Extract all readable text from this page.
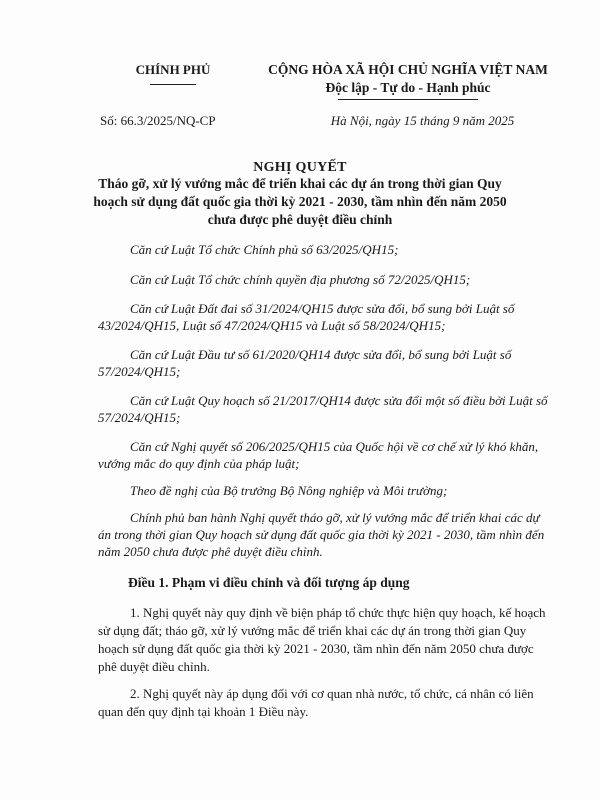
CHÍNH PHỦ	CỘNG HÒA XÃ HỘI CHỦ NGHĨA VIỆT NAM
Độc lập - Tự do - Hạnh phúc
Số: 66.3/2025/NQ-CP	Hà Nội, ngày 15 tháng 9 năm 2025
NGHỊ QUYẾT
Tháo gỡ, xử lý vướng mắc để triển khai các dự án trong thời gian Quy hoạch sử dụng đất quốc gia thời kỳ 2021 - 2030, tầm nhìn đến năm 2050 chưa được phê duyệt điều chỉnh
Căn cứ Luật Tổ chức Chính phủ số 63/2025/QH15;
Căn cứ Luật Tổ chức chính quyền địa phương số 72/2025/QH15;
Căn cứ Luật Đất đai số 31/2024/QH15 được sửa đổi, bổ sung bởi Luật số 43/2024/QH15, Luật số 47/2024/QH15 và Luật số 58/2024/QH15;
Căn cứ Luật Đầu tư số 61/2020/QH14 được sửa đổi, bổ sung bởi Luật số 57/2024/QH15;
Căn cứ Luật Quy hoạch số 21/2017/QH14 được sửa đổi một số điều bởi Luật số 57/2024/QH15;
Căn cứ Nghị quyết số 206/2025/QH15 của Quốc hội về cơ chế xử lý khó khăn, vướng mắc do quy định của pháp luật;
Theo đề nghị của Bộ trưởng Bộ Nông nghiệp và Môi trường;
Chính phủ ban hành Nghị quyết tháo gỡ, xử lý vướng mắc để triển khai các dự án trong thời gian Quy hoạch sử dụng đất quốc gia thời kỳ 2021 - 2030, tầm nhìn đến năm 2050 chưa được phê duyệt điều chỉnh.
Điều 1. Phạm vi điều chỉnh và đối tượng áp dụng
1. Nghị quyết này quy định về biện pháp tổ chức thực hiện quy hoạch, kế hoạch sử dụng đất; tháo gỡ, xử lý vướng mắc để triển khai các dự án trong thời gian Quy hoạch sử dụng đất quốc gia thời kỳ 2021 - 2030, tầm nhìn đến năm 2050 chưa được phê duyệt điều chỉnh.
2. Nghị quyết này áp dụng đối với cơ quan nhà nước, tổ chức, cá nhân có liên quan đến quy định tại khoản 1 Điều này.
